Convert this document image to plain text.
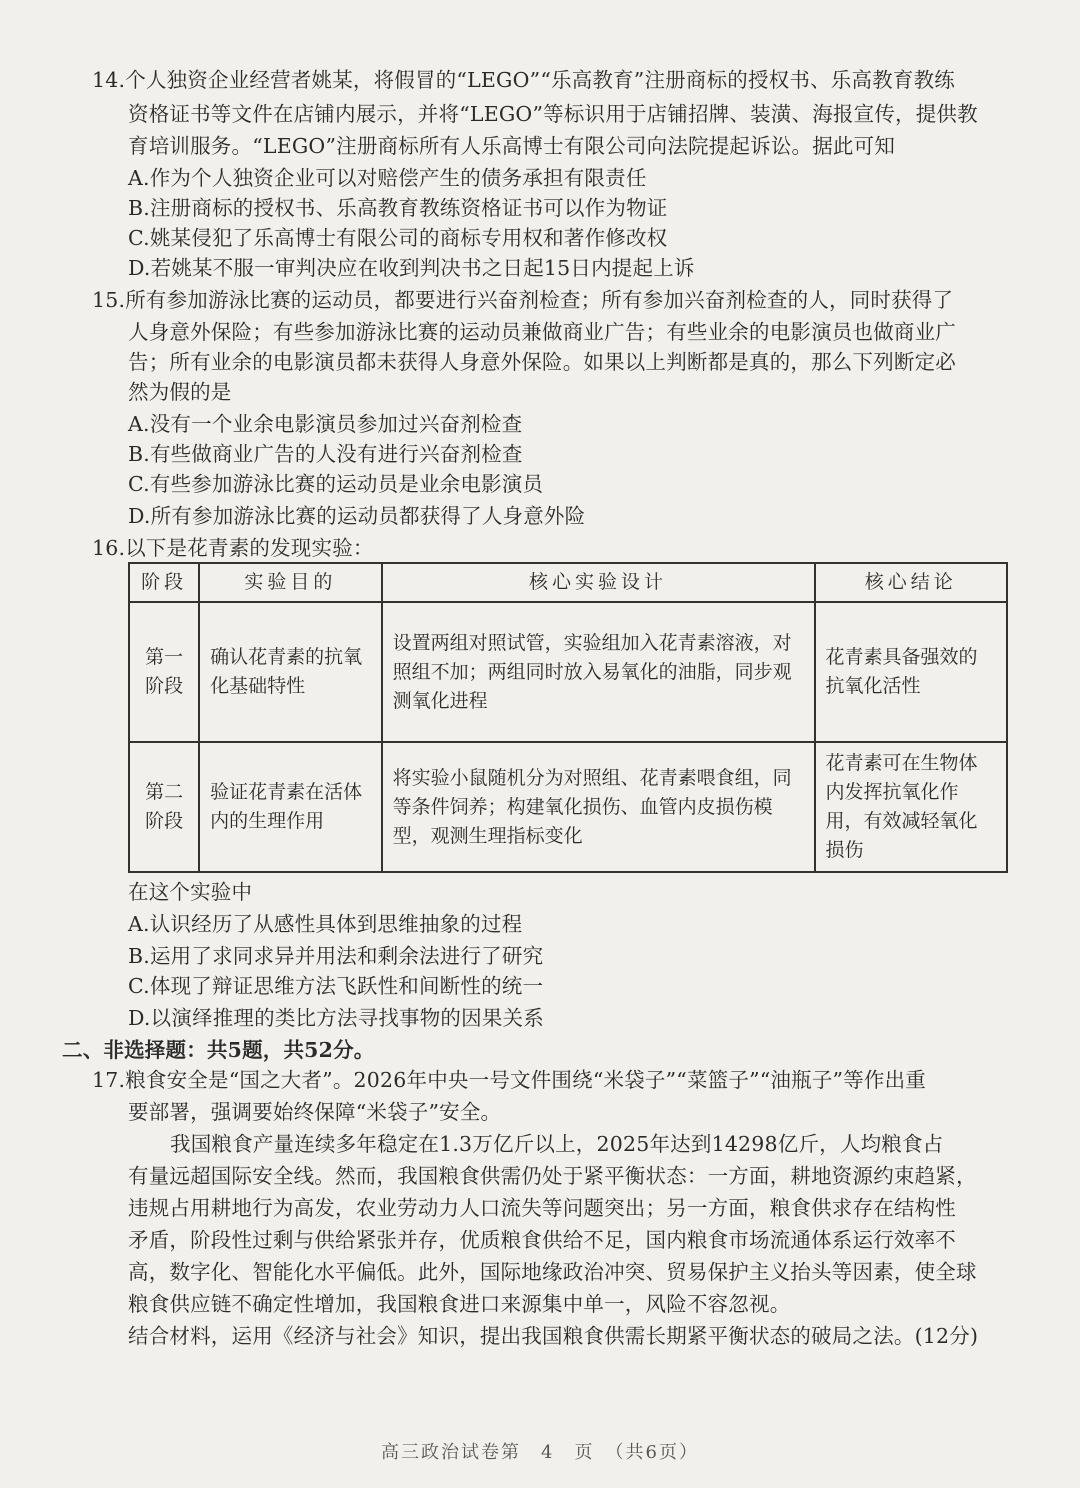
14.个人独资企业经营者姚某，将假冒的“LEGO”“乐高教育”注册商标的授权书、乐高教育教练
资格证书等文件在店铺内展示，并将“LEGO”等标识用于店铺招牌、装潢、海报宣传，提供教
育培训服务。“LEGO”注册商标所有人乐高博士有限公司向法院提起诉讼。据此可知
A.作为个人独资企业可以对赔偿产生的债务承担有限责任
B.注册商标的授权书、乐高教育教练资格证书可以作为物证
C.姚某侵犯了乐高博士有限公司的商标专用权和著作修改权
D.若姚某不服一审判决应在收到判决书之日起15日内提起上诉
15.所有参加游泳比赛的运动员，都要进行兴奋剂检查；所有参加兴奋剂检查的人，同时获得了
人身意外保险；有些参加游泳比赛的运动员兼做商业广告；有些业余的电影演员也做商业广
告；所有业余的电影演员都未获得人身意外保险。如果以上判断都是真的，那么下列断定必
然为假的是
A.没有一个业余电影演员参加过兴奋剂检查
B.有些做商业广告的人没有进行兴奋剂检查
C.有些参加游泳比赛的运动员是业余电影演员
D.所有参加游泳比赛的运动员都获得了人身意外险
16.以下是花青素的发现实验：
阶段	实验目的	核心实验设计	核心结论
第一阶段	确认花青素的抗氧化基础特性	设置两组对照试管，实验组加入花青素溶液，对照组不加；两组同时放入易氧化的油脂，同步观测氧化进程	花青素具备强效的抗氧化活性
第二阶段	验证花青素在活体内的生理作用	将实验小鼠随机分为对照组、花青素喂食组，同等条件饲养；构建氧化损伤、血管内皮损伤模型，观测生理指标变化	花青素可在生物体内发挥抗氧化作用，有效减轻氧化损伤
在这个实验中
A.认识经历了从感性具体到思维抽象的过程
B.运用了求同求异并用法和剩余法进行了研究
C.体现了辩证思维方法飞跃性和间断性的统一
D.以演绎推理的类比方法寻找事物的因果关系
二、非选择题：共5题，共52分。
17.粮食安全是“国之大者”。2026年中央一号文件围绕“米袋子”“菜篮子”“油瓶子”等作出重
要部署，强调要始终保障“米袋子”安全。
我国粮食产量连续多年稳定在1.3万亿斤以上，2025年达到14298亿斤，人均粮食占
有量远超国际安全线。然而，我国粮食供需仍处于紧平衡状态：一方面，耕地资源约束趋紧，
违规占用耕地行为高发，农业劳动力人口流失等问题突出；另一方面，粮食供求存在结构性
矛盾，阶段性过剩与供给紧张并存，优质粮食供给不足，国内粮食市场流通体系运行效率不
高，数字化、智能化水平偏低。此外，国际地缘政治冲突、贸易保护主义抬头等因素，使全球
粮食供应链不确定性增加，我国粮食进口来源集中单一，风险不容忽视。
结合材料，运用《经济与社会》知识，提出我国粮食供需长期紧平衡状态的破局之法。(12分)
高三政治试卷第　4　页　（共6页）
